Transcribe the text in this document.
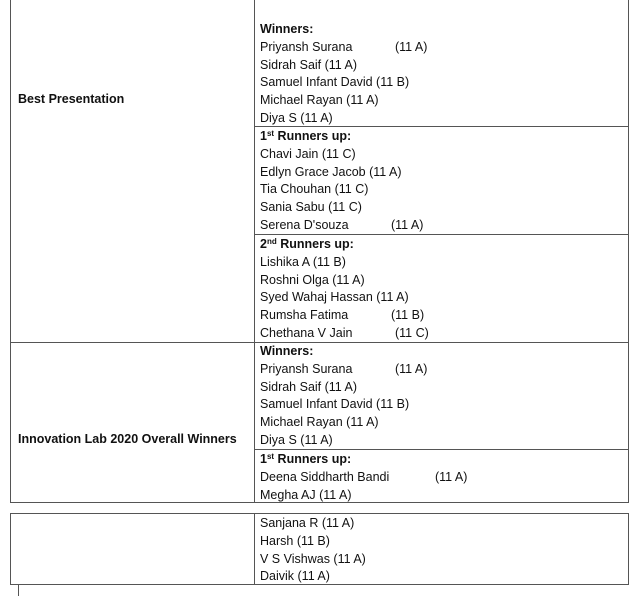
Best Presentation
Winners:
Priyansh Surana	(11 A)
Sidrah Saif (11 A)
Samuel Infant David (11 B)
Michael Rayan (11 A)
Diya S (11 A)
1st Runners up:
Chavi Jain (11 C)
Edlyn Grace Jacob (11 A)
Tia Chouhan (11 C)
Sania Sabu (11 C)
Serena D'souza	(11 A)
2nd Runners up:
Lishika A (11 B)
Roshni Olga (11 A)
Syed Wahaj Hassan (11 A)
Rumsha Fatima	(11 B)
Chethana V Jain	(11 C)
Innovation Lab 2020 Overall Winners
Winners:
Priyansh Surana	(11 A)
Sidrah Saif (11 A)
Samuel Infant David (11 B)
Michael Rayan (11 A)
Diya S (11 A)
1st Runners up:
Deena Siddharth Bandi	(11 A)
Megha AJ (11 A)
Sanjana R (11 A)
Harsh (11 B)
V S Vishwas (11 A)
Daivik (11 A)
